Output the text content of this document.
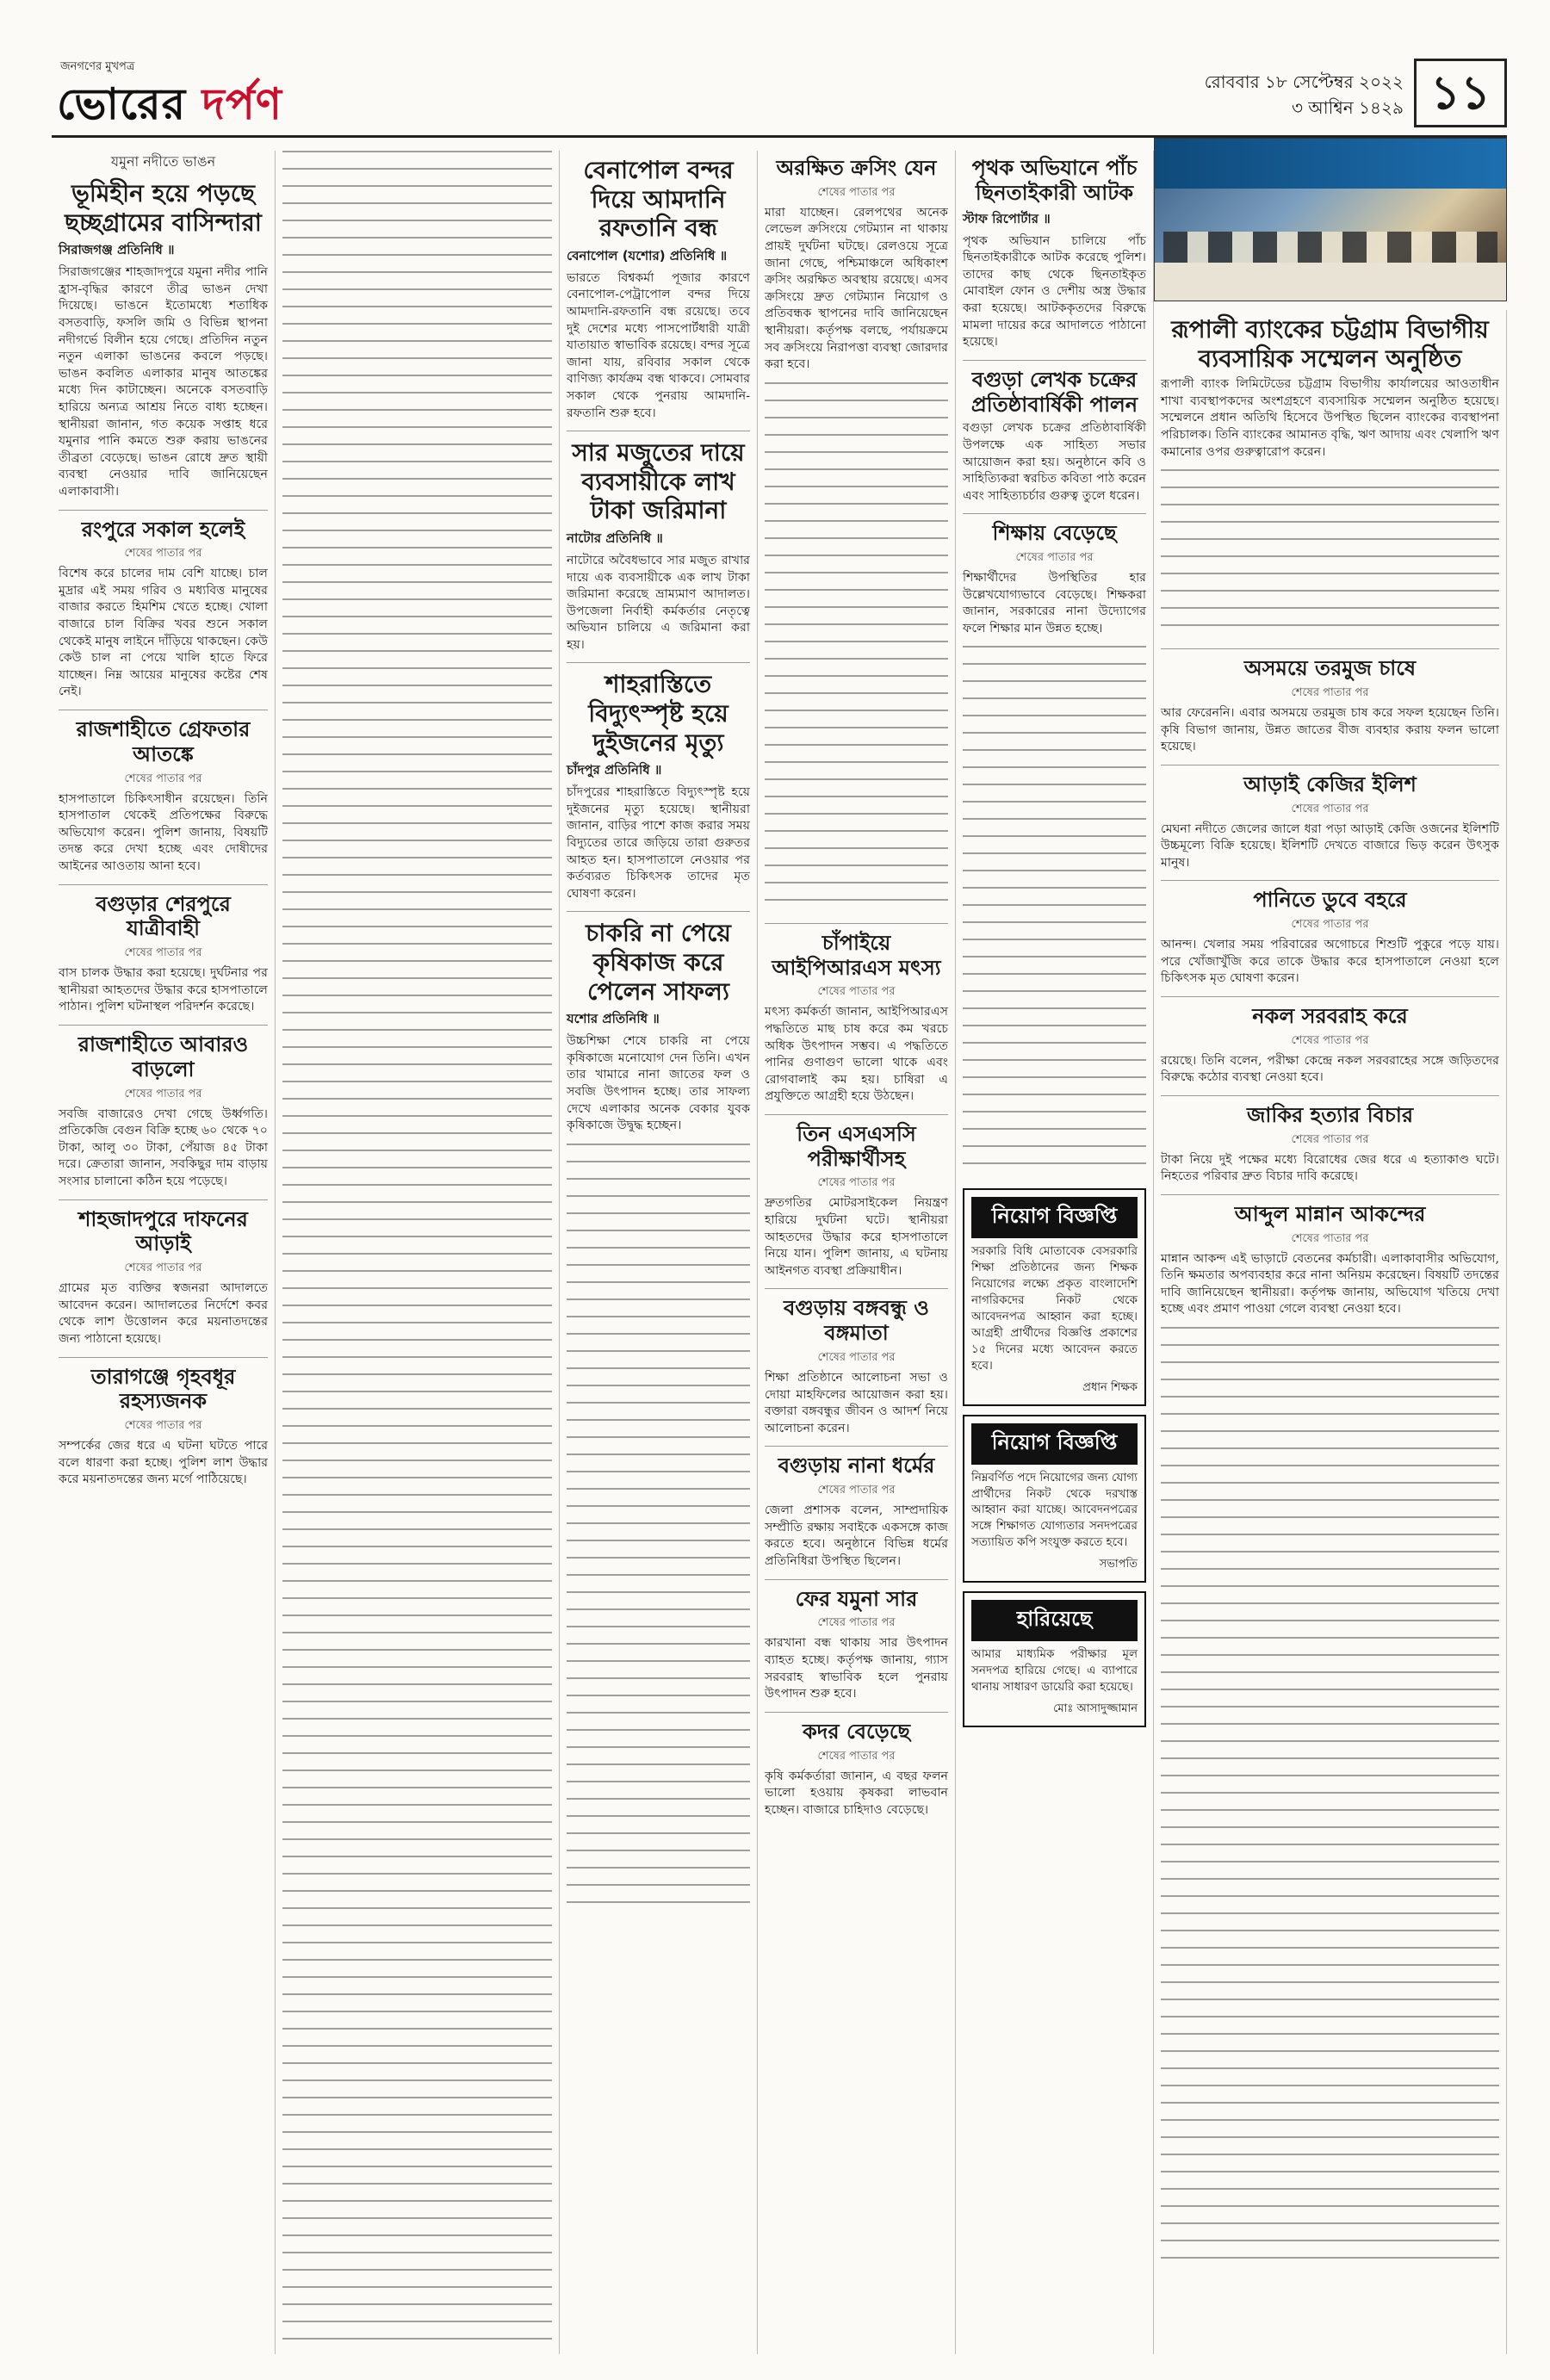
জনগণের মুখপত্র
ভোরের দর্পণ	রোববার ১৮ সেপ্টেম্বর ২০২২
৩ আশ্বিন ১৪২৯ ১১
যমুনা নদীতে ভাঙন
ভূমিহীন হয়ে পড়ছে ছচ্ছগ্রামের বাসিন্দারা
সিরাজগঞ্জ প্রতিনিধি ॥

সিরাজগঞ্জের শাহজাদপুরে যমুনা নদীর পানি হ্রাস-বৃদ্ধির কারণে তীব্র ভাঙন দেখা দিয়েছে। ভাঙনে ইতোমধ্যে শতাধিক বসতবাড়ি, ফসলি জমি ও বিভিন্ন স্থাপনা নদীগর্ভে বিলীন হয়ে গেছে। প্রতিদিন নতুন নতুন এলাকা ভাঙনের কবলে পড়ছে। ভাঙন কবলিত এলাকার মানুষ আতঙ্কের মধ্যে দিন কাটাচ্ছেন। অনেকে বসতবাড়ি হারিয়ে অন্যত্র আশ্রয় নিতে বাধ্য হচ্ছেন। স্থানীয়রা জানান, গত কয়েক সপ্তাহ ধরে যমুনার পানি কমতে শুরু করায় ভাঙনের তীব্রতা বেড়েছে। ভাঙন রোধে দ্রুত স্থায়ী ব্যবস্থা নেওয়ার দাবি জানিয়েছেন এলাকাবাসী।

রংপুরে সকাল হলেই
শেষের পাতার পর

বিশেষ করে চালের দাম বেশি যাচ্ছে। চাল মুদ্রার এই সময় গরিব ও মধ্যবিত্ত মানুষের বাজার করতে হিমশিম খেতে হচ্ছে। খোলা বাজারে চাল বিক্রির খবর শুনে সকাল থেকেই মানুষ লাইনে দাঁড়িয়ে থাকছেন। কেউ কেউ চাল না পেয়ে খালি হাতে ফিরে যাচ্ছেন। নিম্ন আয়ের মানুষের কষ্টের শেষ নেই।

রাজশাহীতে গ্রেফতার আতঙ্কে
শেষের পাতার পর

হাসপাতালে চিকিৎসাধীন রয়েছেন। তিনি হাসপাতাল থেকেই প্রতিপক্ষের বিরুদ্ধে অভিযোগ করেন। পুলিশ জানায়, বিষয়টি তদন্ত করে দেখা হচ্ছে এবং দোষীদের আইনের আওতায় আনা হবে।

বগুড়ার শেরপুরে যাত্রীবাহী
শেষের পাতার পর

বাস চালক উদ্ধার করা হয়েছে। দুর্ঘটনার পর স্থানীয়রা আহতদের উদ্ধার করে হাসপাতালে পাঠান। পুলিশ ঘটনাস্থল পরিদর্শন করেছে।

রাজশাহীতে আবারও বাড়লো
শেষের পাতার পর

সবজি বাজারেও দেখা গেছে উর্ধ্বগতি। প্রতিকেজি বেগুন বিক্রি হচ্ছে ৬০ থেকে ৭০ টাকা, আলু ৩০ টাকা, পেঁয়াজ ৪৫ টাকা দরে। ক্রেতারা জানান, সবকিছুর দাম বাড়ায় সংসার চালানো কঠিন হয়ে পড়েছে।

শাহজাদপুরে দাফনের আড়াই
শেষের পাতার পর

গ্রামের মৃত ব্যক্তির স্বজনরা আদালতে আবেদন করেন। আদালতের নির্দেশে কবর থেকে লাশ উত্তোলন করে ময়নাতদন্তের জন্য পাঠানো হয়েছে।

তারাগঞ্জে গৃহবধূর রহস্যজনক
শেষের পাতার পর

সম্পর্কের জের ধরে এ ঘটনা ঘটতে পারে বলে ধারণা করা হচ্ছে। পুলিশ লাশ উদ্ধার করে ময়নাতদন্তের জন্য মর্গে পাঠিয়েছে।

বেনাপোল বন্দর দিয়ে আমদানি রফতানি বন্ধ
বেনাপোল (যশোর) প্রতিনিধি ॥

ভারতে বিশ্বকর্মা পূজার কারণে বেনাপোল-পেট্রাপোল বন্দর দিয়ে আমদানি-রফতানি বন্ধ রয়েছে। তবে দুই দেশের মধ্যে পাসপোর্টধারী যাত্রী যাতায়াত স্বাভাবিক রয়েছে। বন্দর সূত্রে জানা যায়, রবিবার সকাল থেকে বাণিজ্য কার্যক্রম বন্ধ থাকবে। সোমবার সকাল থেকে পুনরায় আমদানি-রফতানি শুরু হবে।

সার মজুতের দায়ে ব্যবসায়ীকে লাখ টাকা জরিমানা
নাটোর প্রতিনিধি ॥

নাটোরে অবৈধভাবে সার মজুত রাখার দায়ে এক ব্যবসায়ীকে এক লাখ টাকা জরিমানা করেছে ভ্রাম্যমাণ আদালত। উপজেলা নির্বাহী কর্মকর্তার নেতৃত্বে অভিযান চালিয়ে এ জরিমানা করা হয়।

শাহরাস্তিতে বিদ্যুৎস্পৃষ্ট হয়ে দুইজনের মৃত্যু
চাঁদপুর প্রতিনিধি ॥

চাঁদপুরের শাহরাস্তিতে বিদ্যুৎস্পৃষ্ট হয়ে দুইজনের মৃত্যু হয়েছে। স্থানীয়রা জানান, বাড়ির পাশে কাজ করার সময় বিদ্যুতের তারে জড়িয়ে তারা গুরুতর আহত হন। হাসপাতালে নেওয়ার পর কর্তব্যরত চিকিৎসক তাদের মৃত ঘোষণা করেন।

চাকরি না পেয়ে কৃষিকাজ করে পেলেন সাফল্য
যশোর প্রতিনিধি ॥

উচ্চশিক্ষা শেষে চাকরি না পেয়ে কৃষিকাজে মনোযোগ দেন তিনি। এখন তার খামারে নানা জাতের ফল ও সবজি উৎপাদন হচ্ছে। তার সাফল্য দেখে এলাকার অনেক বেকার যুবক কৃষিকাজে উদ্বুদ্ধ হচ্ছেন।

অরক্ষিত ক্রসিং যেন
শেষের পাতার পর

মারা যাচ্ছেন। রেলপথের অনেক লেভেল ক্রসিংয়ে গেটম্যান না থাকায় প্রায়ই দুর্ঘটনা ঘটছে। রেলওয়ে সূত্রে জানা গেছে, পশ্চিমাঞ্চলে অধিকাংশ ক্রসিং অরক্ষিত অবস্থায় রয়েছে। এসব ক্রসিংয়ে দ্রুত গেটম্যান নিয়োগ ও প্রতিবন্ধক স্থাপনের দাবি জানিয়েছেন স্থানীয়রা। কর্তৃপক্ষ বলছে, পর্যায়ক্রমে সব ক্রসিংয়ে নিরাপত্তা ব্যবস্থা জোরদার করা হবে।

চাঁপাইয়ে আইপিআরএস মৎস্য
শেষের পাতার পর

মৎস্য কর্মকর্তা জানান, আইপিআরএস পদ্ধতিতে মাছ চাষ করে কম খরচে অধিক উৎপাদন সম্ভব। এ পদ্ধতিতে পানির গুণাগুণ ভালো থাকে এবং রোগবালাই কম হয়। চাষিরা এ প্রযুক্তিতে আগ্রহী হয়ে উঠছেন।

তিন এসএসসি পরীক্ষার্থীসহ
শেষের পাতার পর

দ্রুতগতির মোটরসাইকেল নিয়ন্ত্রণ হারিয়ে দুর্ঘটনা ঘটে। স্থানীয়রা আহতদের উদ্ধার করে হাসপাতালে নিয়ে যান। পুলিশ জানায়, এ ঘটনায় আইনগত ব্যবস্থা প্রক্রিয়াধীন।

বগুড়ায় বঙ্গবন্ধু ও বঙ্গমাতা
শেষের পাতার পর

শিক্ষা প্রতিষ্ঠানে আলোচনা সভা ও দোয়া মাহফিলের আয়োজন করা হয়। বক্তারা বঙ্গবন্ধুর জীবন ও আদর্শ নিয়ে আলোচনা করেন।

বগুড়ায় নানা ধর্মের
শেষের পাতার পর

জেলা প্রশাসক বলেন, সাম্প্রদায়িক সম্প্রীতি রক্ষায় সবাইকে একসঙ্গে কাজ করতে হবে। অনুষ্ঠানে বিভিন্ন ধর্মের প্রতিনিধিরা উপস্থিত ছিলেন।

ফের যমুনা সার
শেষের পাতার পর

কারখানা বন্ধ থাকায় সার উৎপাদন ব্যাহত হচ্ছে। কর্তৃপক্ষ জানায়, গ্যাস সরবরাহ স্বাভাবিক হলে পুনরায় উৎপাদন শুরু হবে।

কদর বেড়েছে
শেষের পাতার পর

কৃষি কর্মকর্তারা জানান, এ বছর ফলন ভালো হওয়ায় কৃষকরা লাভবান হচ্ছেন। বাজারে চাহিদাও বেড়েছে।

পৃথক অভিযানে পাঁচ ছিনতাইকারী আটক
স্টাফ রিপোর্টার ॥

পৃথক অভিযান চালিয়ে পাঁচ ছিনতাইকারীকে আটক করেছে পুলিশ। তাদের কাছ থেকে ছিনতাইকৃত মোবাইল ফোন ও দেশীয় অস্ত্র উদ্ধার করা হয়েছে। আটককৃতদের বিরুদ্ধে মামলা দায়ের করে আদালতে পাঠানো হয়েছে।

বগুড়া লেখক চক্রের প্রতিষ্ঠাবার্ষিকী পালন

বগুড়া লেখক চক্রের প্রতিষ্ঠাবার্ষিকী উপলক্ষে এক সাহিত্য সভার আয়োজন করা হয়। অনুষ্ঠানে কবি ও সাহিত্যিকরা স্বরচিত কবিতা পাঠ করেন এবং সাহিত্যচর্চার গুরুত্ব তুলে ধরেন।

শিক্ষায় বেড়েছে
শেষের পাতার পর

শিক্ষার্থীদের উপস্থিতির হার উল্লেখযোগ্যভাবে বেড়েছে। শিক্ষকরা জানান, সরকারের নানা উদ্যোগের ফলে শিক্ষার মান উন্নত হচ্ছে।

নিয়োগ বিজ্ঞপ্তি

সরকারি বিধি মোতাবেক বেসরকারি শিক্ষা প্রতিষ্ঠানের জন্য শিক্ষক নিয়োগের লক্ষ্যে প্রকৃত বাংলাদেশি নাগরিকদের নিকট থেকে আবেদনপত্র আহ্বান করা হচ্ছে। আগ্রহী প্রার্থীদের বিজ্ঞপ্তি প্রকাশের ১৫ দিনের মধ্যে আবেদন করতে হবে।

প্রধান শিক্ষক
নিয়োগ বিজ্ঞপ্তি

নিম্নবর্ণিত পদে নিয়োগের জন্য যোগ্য প্রার্থীদের নিকট থেকে দরখাস্ত আহ্বান করা যাচ্ছে। আবেদনপত্রের সঙ্গে শিক্ষাগত যোগ্যতার সনদপত্রের সত্যায়িত কপি সংযুক্ত করতে হবে।

সভাপতি
হারিয়েছে

আমার মাধ্যমিক পরীক্ষার মূল সনদপত্র হারিয়ে গেছে। এ ব্যাপারে থানায় সাধারণ ডায়েরি করা হয়েছে।

মোঃ আসাদুজ্জামান
রূপালী ব্যাংকের চট্টগ্রাম বিভাগীয় ব্যবসায়িক সম্মেলন অনুষ্ঠিত

রূপালী ব্যাংক লিমিটেডের চট্টগ্রাম বিভাগীয় কার্যালয়ের আওতাধীন শাখা ব্যবস্থাপকদের অংশগ্রহণে ব্যবসায়িক সম্মেলন অনুষ্ঠিত হয়েছে। সম্মেলনে প্রধান অতিথি হিসেবে উপস্থিত ছিলেন ব্যাংকের ব্যবস্থাপনা পরিচালক। তিনি ব্যাংকের আমানত বৃদ্ধি, ঋণ আদায় এবং খেলাপি ঋণ কমানোর ওপর গুরুত্বারোপ করেন।

অসময়ে তরমুজ চাষে
শেষের পাতার পর

আর ফেরেননি। এবার অসময়ে তরমুজ চাষ করে সফল হয়েছেন তিনি। কৃষি বিভাগ জানায়, উন্নত জাতের বীজ ব্যবহার করায় ফলন ভালো হয়েছে।

আড়াই কেজির ইলিশ
শেষের পাতার পর

মেঘনা নদীতে জেলের জালে ধরা পড়া আড়াই কেজি ওজনের ইলিশটি উচ্চমূল্যে বিক্রি হয়েছে। ইলিশটি দেখতে বাজারে ভিড় করেন উৎসুক মানুষ।

পানিতে ডুবে বহরে
শেষের পাতার পর

আনন্দ। খেলার সময় পরিবারের অগোচরে শিশুটি পুকুরে পড়ে যায়। পরে খোঁজাখুঁজি করে তাকে উদ্ধার করে হাসপাতালে নেওয়া হলে চিকিৎসক মৃত ঘোষণা করেন।

নকল সরবরাহ করে
শেষের পাতার পর

রয়েছে। তিনি বলেন, পরীক্ষা কেন্দ্রে নকল সরবরাহের সঙ্গে জড়িতদের বিরুদ্ধে কঠোর ব্যবস্থা নেওয়া হবে।

জাকির হত্যার বিচার
শেষের পাতার পর

টাকা নিয়ে দুই পক্ষের মধ্যে বিরোধের জের ধরে এ হত্যাকাণ্ড ঘটে। নিহতের পরিবার দ্রুত বিচার দাবি করেছে।

আব্দুল মান্নান আকন্দের
শেষের পাতার পর

মান্নান আকন্দ এই ভাড়াটে বেতনের কর্মচারী। এলাকাবাসীর অভিযোগ, তিনি ক্ষমতার অপব্যবহার করে নানা অনিয়ম করেছেন। বিষয়টি তদন্তের দাবি জানিয়েছেন স্থানীয়রা। কর্তৃপক্ষ জানায়, অভিযোগ খতিয়ে দেখা হচ্ছে এবং প্রমাণ পাওয়া গেলে ব্যবস্থা নেওয়া হবে।
